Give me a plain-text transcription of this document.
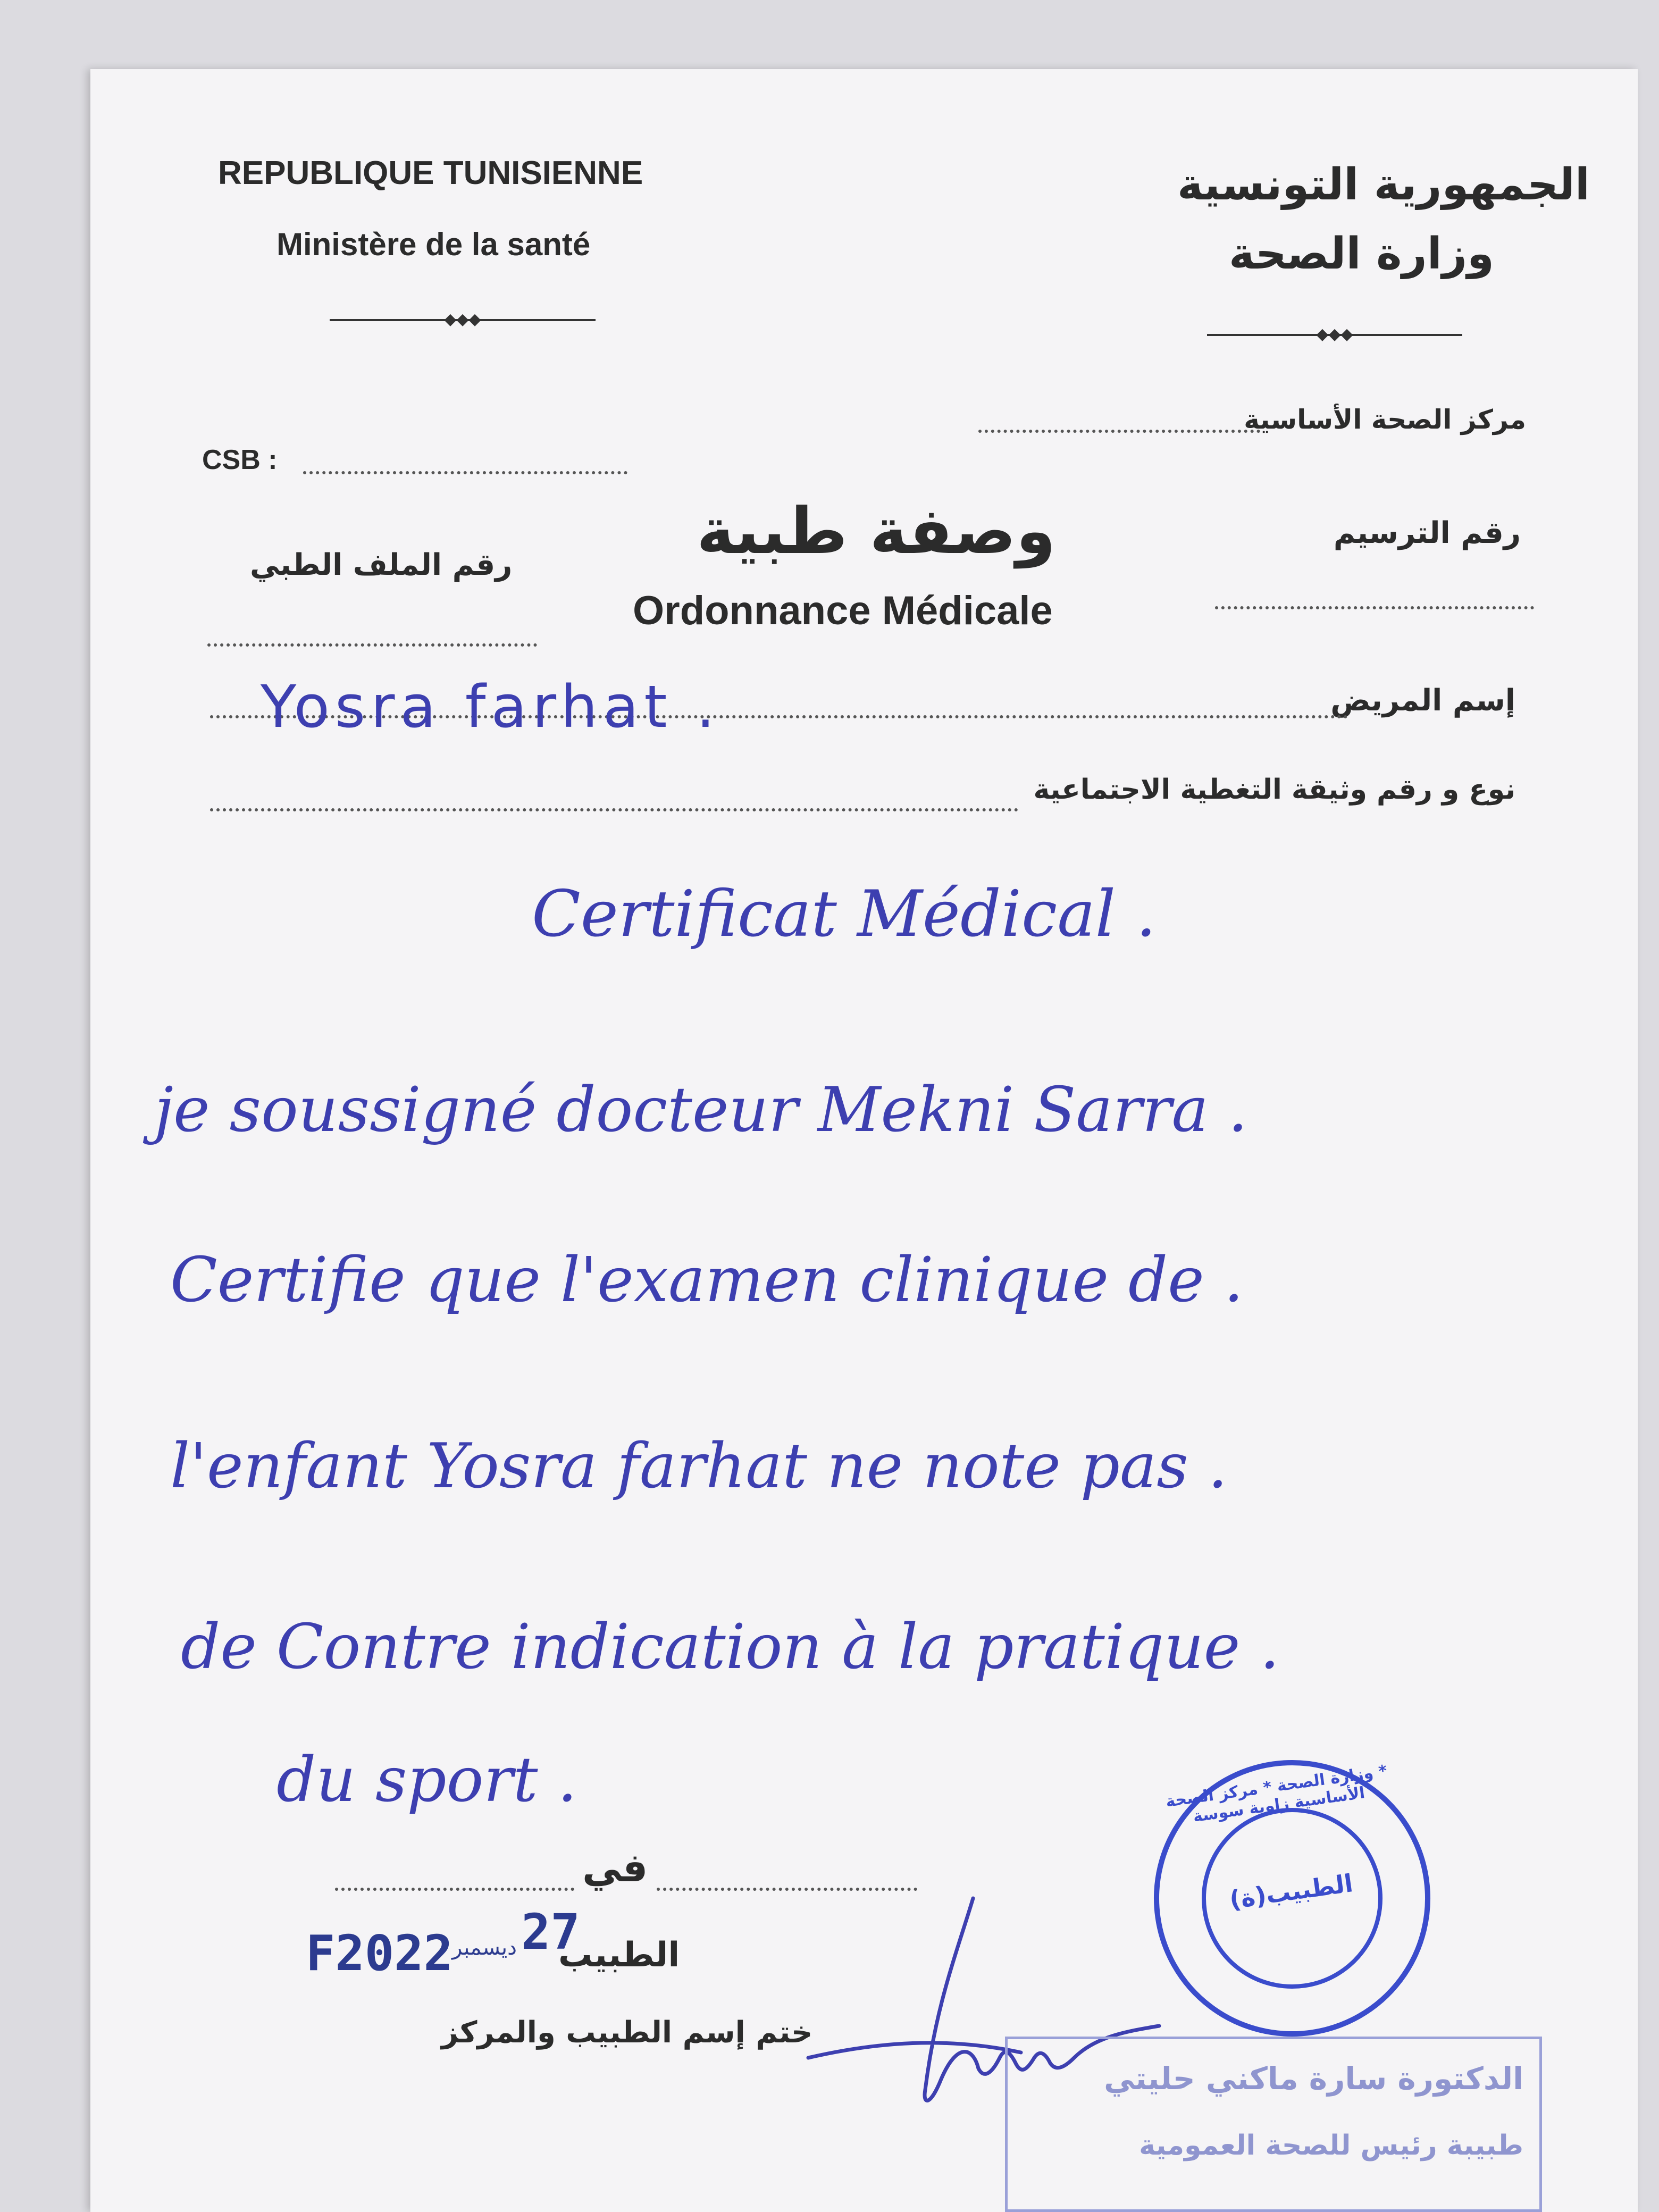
REPUBLIQUE TUNISIENNE
Ministère de la santé
◆◆◆
الجمهورية التونسية
وزارة الصحة
◆◆◆
مركز الصحة الأساسية
CSB :
وصفة طبية
Ordonnance Médicale
رقم الترسيم
رقم الملف الطبي
إسم المريض
Yosra farhat .
نوع و رقم وثيقة التغطية الاجتماعية
Certificat Médical .
je soussigné docteur Mekni Sarra .
Certifie que l'examen clinique de .
l'enfant Yosra farhat ne note pas .
de Contre indication à la pratique .
du sport .
في
F2022
ديسمبر 27
الطبيب
ختم إسم الطبيب والمركز
* وزارة الصحة * مركز الصحة الأساسية زاوية سوسة
الطبيب(ة)
الدكتورة سارة ماكني حليتي
طبيبة رئيس للصحة العمومية
